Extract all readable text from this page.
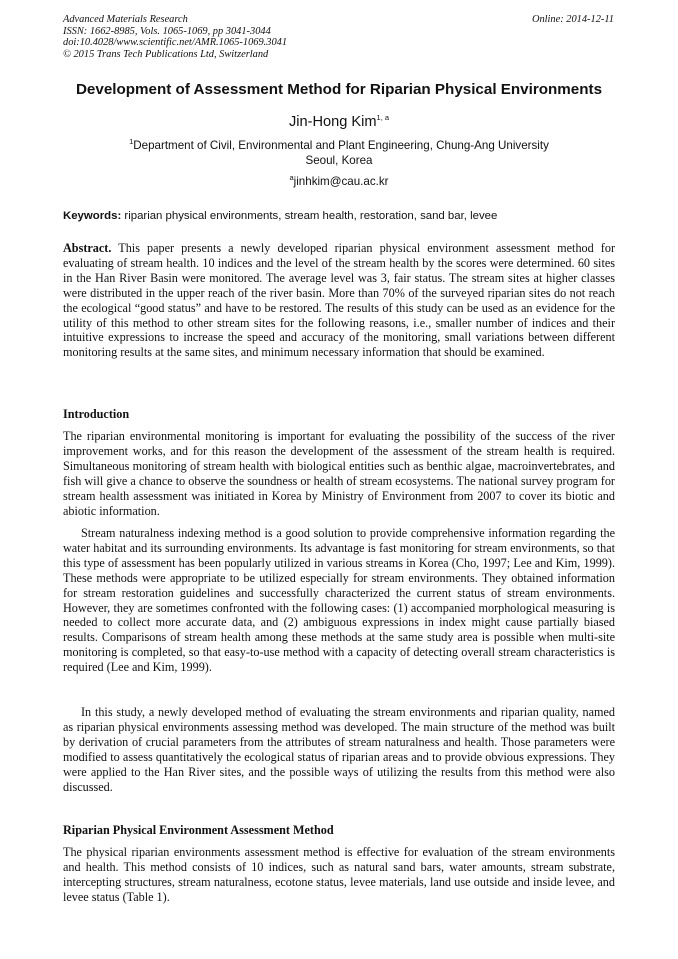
Advanced Materials Research
ISSN: 1662-8985, Vols. 1065-1069, pp 3041-3044
doi:10.4028/www.scientific.net/AMR.1065-1069.3041
© 2015 Trans Tech Publications Ltd, Switzerland
Online: 2014-12-11
Development of Assessment Method for Riparian Physical Environments
Jin-Hong Kim$^{1, a}$
$^1$Department of Civil, Environmental and Plant Engineering, Chung-Ang University
Seoul, Korea
$^a$jinhkim@cau.ac.kr
Keywords: riparian physical environments, stream health, restoration, sand bar, levee

Abstract. This paper presents a newly developed riparian physical environment assessment method for evaluating of stream health. 10 indices and the level of the stream health by the scores were determined. 60 sites in the Han River Basin were monitored. The average level was 3, fair status. The stream sites at higher classes were distributed in the upper reach of the river basin. More than 70% of the surveyed riparian sites do not reach the ecological “good status” and have to be restored. The results of this study can be used as an evidence for the utility of this method to other stream sites for the following reasons, i.e., smaller number of indices and their intuitive expressions to increase the speed and accuracy of the monitoring, small variations between different monitoring results at the same sites, and minimum necessary information that should be examined.

Introduction

The riparian environmental monitoring is important for evaluating the possibility of the success of the river improvement works, and for this reason the development of the assessment of the stream health is required. Simultaneous monitoring of stream health with biological entities such as benthic algae, macroinvertebrates, and fish will give a chance to observe the soundness or health of stream ecosystems. The national survey program for stream health assessment was initiated in Korea by Ministry of Environment from 2007 to cover its biotic and abiotic information.

Stream naturalness indexing method is a good solution to provide comprehensive information regarding the water habitat and its surrounding environments. Its advantage is fast monitoring for stream environments, so that this type of assessment has been popularly utilized in various streams in Korea (Cho, 1997; Lee and Kim, 1999). These methods were appropriate to be utilized especially for stream environments. They obtained information for stream restoration guidelines and successfully characterized the current status of stream environments. However, they are sometimes confronted with the following cases: (1) accompanied morphological measuring is needed to collect more accurate data, and (2) ambiguous expressions in index might cause partially biased results. Comparisons of stream health among these methods at the same study area is possible when multi-site monitoring is completed, so that easy-to-use method with a capacity of detecting overall stream characteristics is required (Lee and Kim, 1999).

In this study, a newly developed method of evaluating the stream environments and riparian quality, named as riparian physical environments assessing method was developed. The main structure of the method was built by derivation of crucial parameters from the attributes of stream naturalness and health. Those parameters were modified to assess quantitatively the ecological status of riparian areas and to provide obvious expressions. They were applied to the Han River sites, and the possible ways of utilizing the results from this method were also discussed.

Riparian Physical Environment Assessment Method

The physical riparian environments assessment method is effective for evaluation of the stream environments and health. This method consists of 10 indices, such as natural sand bars, water amounts, stream substrate, intercepting structures, stream naturalness, ecotone status, levee materials, land use outside and inside levee, and levee status (Table 1).
